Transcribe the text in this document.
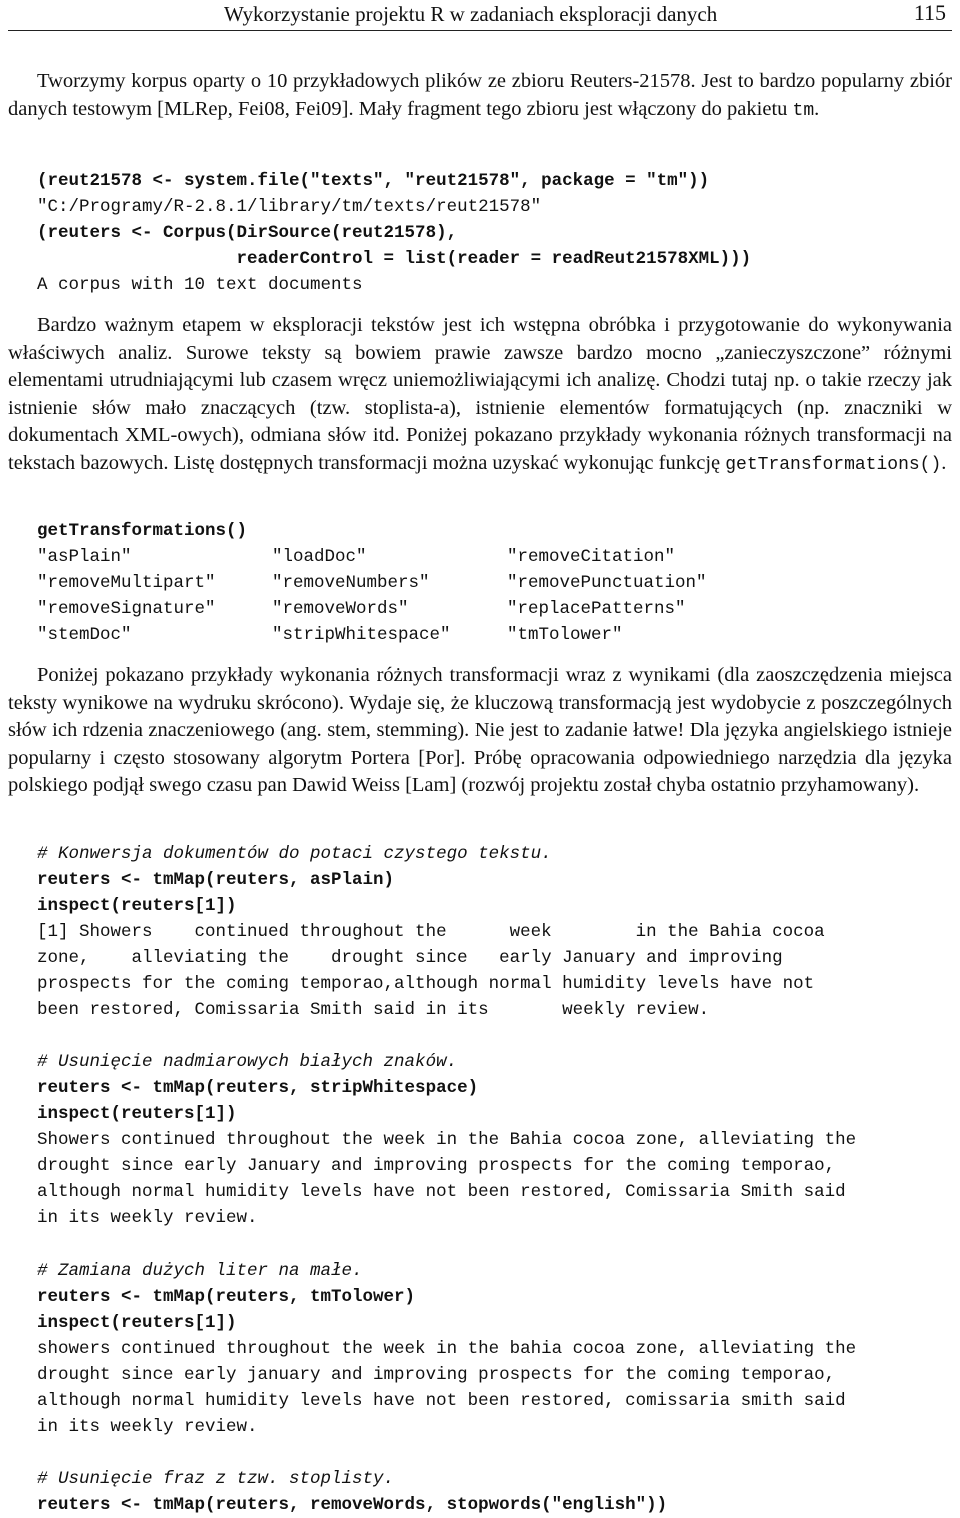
Wykorzystanie projektu R w zadaniach eksploracji danych	115

Tworzymy korpus oparty o 10 przykładowych plików ze zbioru Reuters-21578. Jest to bardzo popularny zbiór danych testowym [MLRep, Fei08, Fei09]. Mały fragment tego zbioru jest włączony do pakietu tm.

(reut21578 <- system.file("texts", "reut21578", package = "tm"))
"C:/Programy/R-2.8.1/library/tm/texts/reut21578"
(reuters <- Corpus(DirSource(reut21578),
readerControl = list(reader = readReut21578XML)))
A corpus with 10 text documents

Bardzo ważnym etapem w eksploracji tekstów jest ich wstępna obróbka i przygotowanie do wykonywania właściwych analiz. Surowe teksty są bowiem prawie zawsze bardzo mocno „zanieczyszczone” różnymi elementami utrudniającymi lub czasem wręcz uniemożliwiającymi ich analizę. Chodzi tutaj np. o takie rzeczy jak istnienie słów mało znaczących (tzw. stoplista-a), istnienie elementów formatujących (np. znaczniki w dokumentach XML-owych), odmiana słów itd. Poniżej pokazano przykłady wykonania różnych transformacji na tekstach bazowych. Listę dostępnych transformacji można uzyskać wykonując funkcję getTransformations().

getTransformations()
"asPlain"	"loadDoc"	"removeCitation"
"removeMultipart"	"removeNumbers"	"removePunctuation"
"removeSignature"	"removeWords"	"replacePatterns"
"stemDoc"	"stripWhitespace"	"tmTolower"

Poniżej pokazano przykłady wykonania różnych transformacji wraz z wynikami (dla zaoszczędzenia miejsca teksty wynikowe na wydruku skrócono). Wydaje się, że kluczową transformacją jest wydobycie z poszczególnych słów ich rdzenia znaczeniowego (ang. stem, stemming). Nie jest to zadanie łatwe! Dla języka angielskiego istnieje popularny i często stosowany algorytm Portera [Por]. Próbę opracowania odpowiedniego narzędzia dla języka polskiego podjął swego czasu pan Dawid Weiss [Lam] (rozwój projektu został chyba ostatnio przyhamowany).

# Konwersja dokumentów do potaci czystego tekstu.
reuters <- tmMap(reuters, asPlain)
inspect(reuters[1])
[1] Showers    continued throughout the      week        in the Bahia cocoa
zone,    alleviating the    drought since   early January and improving
prospects for the coming temporao,although normal humidity levels have not
been restored, Comissaria Smith said in its       weekly review.
# Usunięcie nadmiarowych białych znaków.
reuters <- tmMap(reuters, stripWhitespace)
inspect(reuters[1])
Showers continued throughout the week in the Bahia cocoa zone, alleviating the
drought since early January and improving prospects for the coming temporao,
although normal humidity levels have not been restored, Comissaria Smith said
in its weekly review.
# Zamiana dużych liter na małe.
reuters <- tmMap(reuters, tmTolower)
inspect(reuters[1])
showers continued throughout the week in the bahia cocoa zone, alleviating the
drought since early january and improving prospects for the coming temporao,
although normal humidity levels have not been restored, comissaria smith said
in its weekly review.
# Usunięcie fraz z tzw. stoplisty.
reuters <- tmMap(reuters, removeWords, stopwords("english"))
